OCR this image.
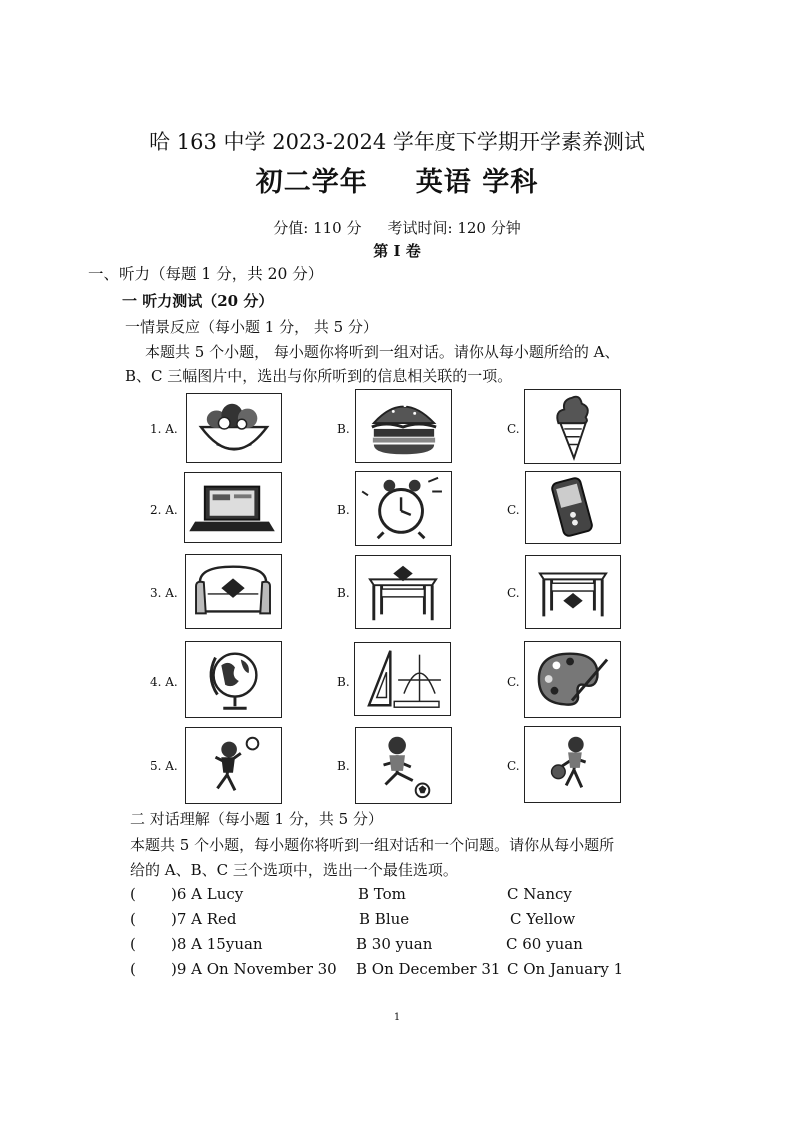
哈 163 中学 2023-2024 学年度下学期开学素养测试
初二学年 英语 学科
分值: 110 分 考试时间: 120 分钟
第 I 卷
一、听力（每题 1 分，共 20 分）
一 听力测试（20 分）
一情景反应（每小题 1 分， 共 5 分）
本题共 5 个小题， 每小题你将听到一组对话。请你从每小题所给的 A、
B、C 三幅图片中，选出与你所听到的信息相关联的一项。
1. A.	B.	C.
2. A.	B.	C.
3. A.	B.	C.
4. A.	B.	C.
5. A.	B.	C.
二 对话理解（每小题 1 分，共 5 分）
本题共 5 个小题，每小题你将听到一组对话和一个问题。请你从每小题所
给的 A、B、C 三个选项中，选出一个最佳选项。
( )6 A Lucy	B Tom	C Nancy
( )7 A Red	B Blue	C Yellow
( )8 A 15yuan	B 30 yuan	C 60 yuan
( )9 A On November 30 B On December 31 C On January 1
1
